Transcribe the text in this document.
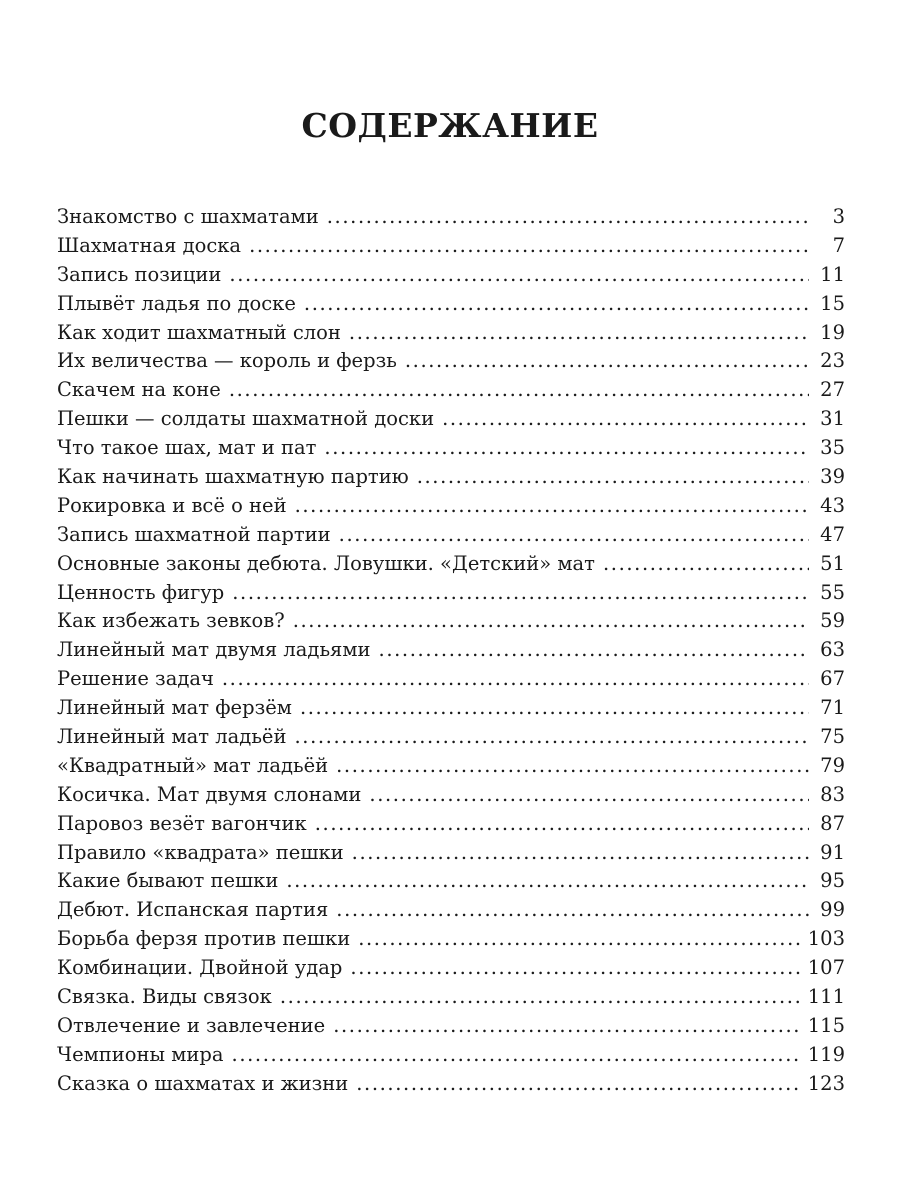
СОДЕРЖАНИЕ
Знакомство с шахматами .....	3
Шахматная доска .....	7
Запись позиции .....	11
Плывёт ладья по доске .....	15
Как ходит шахматный слон .....	19
Их величества — король и ферзь .....	23
Скачем на коне .....	27
Пешки — солдаты шахматной доски .....	31
Что такое шах, мат и пат .....	35
Как начинать шахматную партию .....	39
Рокировка и всё о ней .....	43
Запись шахматной партии .....	47
Основные законы дебюта. Ловушки. «Детский» мат .....	51
Ценность фигур .....	55
Как избежать зевков? .....	59
Линейный мат двумя ладьями .....	63
Решение задач .....	67
Линейный мат ферзём .....	71
Линейный мат ладьёй .....	75
«Квадратный» мат ладьёй .....	79
Косичка. Мат двумя слонами .....	83
Паровоз везёт вагончик .....	87
Правило «квадрата» пешки .....	91
Какие бывают пешки .....	95
Дебют. Испанская партия .....	99
Борьба ферзя против пешки .....	103
Комбинации. Двойной удар .....	107
Связка. Виды связок .....	111
Отвлечение и завлечение .....	115
Чемпионы мира .....	119
Сказка о шахматах и жизни .....	123
